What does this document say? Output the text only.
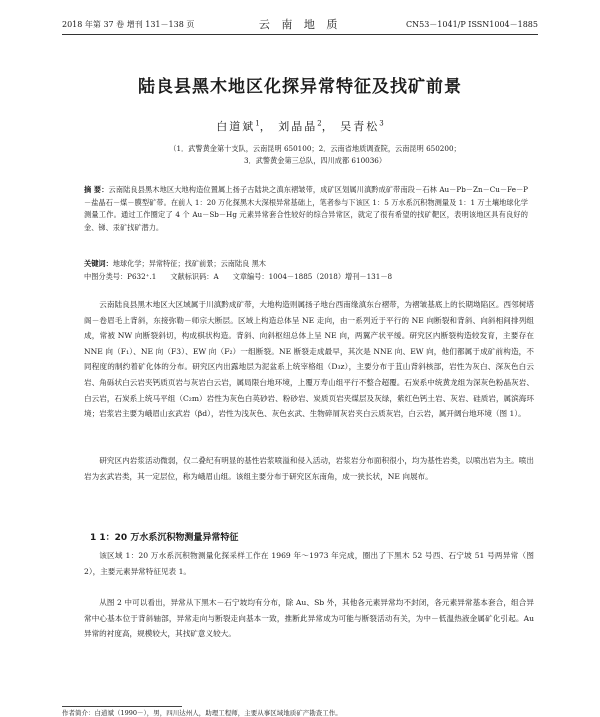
2018 年第 37 卷 增刊 131－138 页	云 南 地 质	CN53－1041/P ISSN1004－1885
陆良县黑木地区化探异常特征及找矿前景
白道斌$^1$， 刘晶晶$^2$， 吴青松$^3$
（1．武警黄金第十支队，云南昆明 650100；2．云南省地质调查院，云南昆明 650200；
3．武警黄金第三总队，四川成都 610036）
摘 要：云南陆良县黑木地区大地构造位置属上扬子古陆块之滇东褶皱带，成矿区划属川滇黔成矿带南段－石林 Au－Pb－Zn－Cu－Fe－P－盐晶石－煤－膜型矿带。在前人 1：20 万化探黑木大深根异常基础上，笔者参与下该区 1：5 万水系沉积物测量及 1：1 万土壤地球化学测量工作。通过工作圈定了 4 个 Au－Sb－Hg 元素异常套合性较好的综合异常区，就定了很有希望的找矿靶区，表明该地区具有良好的金、锑、汞矿找矿潜力。
关键词：地球化学；异常特征；找矿前景；云南陆良 黑木
中图分类号：P632⁺.1 文献标识码：A 文章编号：1004－1885（2018）增刊－131－8
云南陆良县黑木地区大区域属于川滇黔成矿带，大地构造则属扬子地台西南缘滇东台褶带，为褶皱基底上的长期坳陷区。西邻树塔阁－卷眉毛上背斜，东接弥勒－师宗大断层。区域上构造总体呈 NE 走向，由一系列近于平行的 NE 向断裂和背斜、向斜相间排列组成，常被 NW 向断裂斜切，构成棋状构造。背斜、向斜枢纽总体上呈 NE 向，两翼产状平缓。研究区内断裂构造较发育，主要存在 NNE 向（F₁）、NE 向（F3）、EW 向（F₂）一组断裂。NE 断裂走成最早，其次是 NNE 向、EW 向，他们都属于成矿前构造，不同程度的制约着矿化体的分布。研究区内出露地层为泥盆系上统宰格组（D₃z），主要分布于苴山背斜核部，岩性为灰白、深灰色白云岩、角砾状白云岩夹钙质页岩与灰岩白云岩，属局限台地环境，上覆万寿山组平行不整合超覆。石炭系中统黄龙组为深灰色粉晶灰岩、白云岩，石炭系上统马平组（C₂m）岩性为灰色白英砂岩、粉砂岩、炭质页岩夹煤层及灰绿，紫红色钙土岩、灰岩、硅质岩，属滨海环境；岩浆岩主要为峨眉山玄武岩（βd），岩性为浅灰色、灰色玄武、生物碎屑灰岩夹白云质灰岩，白云岩，属开阔台地环境（图 1）。
研究区内岩浆活动微弱，仅二叠纪有明显的基性岩浆喷溢和侵入活动，岩浆岩分布面积很小，均为基性岩类，以喷出岩为主。喷出岩为玄武岩类，其一定层位，称为峨眉山组。该组主要分布于研究区东南角，成一狭长状，NE 向展布。
1 1：20 万水系沉积物测量异常特征
该区域 1：20 万水系沉积物测量化探采样工作在 1969 年～1973 年完成，圈出了下黑木 52 号西、石宁坡 51 号两异常（图 2），主要元素异常特征见表 1。
从图 2 中可以看出，异常从下黑木－石宁坡均有分布，除 Au、Sb 外，其他各元素异常均不封闭，各元素异常基本套合，组合异常中心基本位于背斜轴部，异常走向与断裂走向基本一致，推断此异常成为可能与断裂活动有关，为中－低温热液金属矿化引起。Au 异常的衬度高，规模较大，其找矿意义较大。
作者简介：白道斌（1990－），男，四川达州人，助理工程师，主要从事区域地质矿产勘查工作。
